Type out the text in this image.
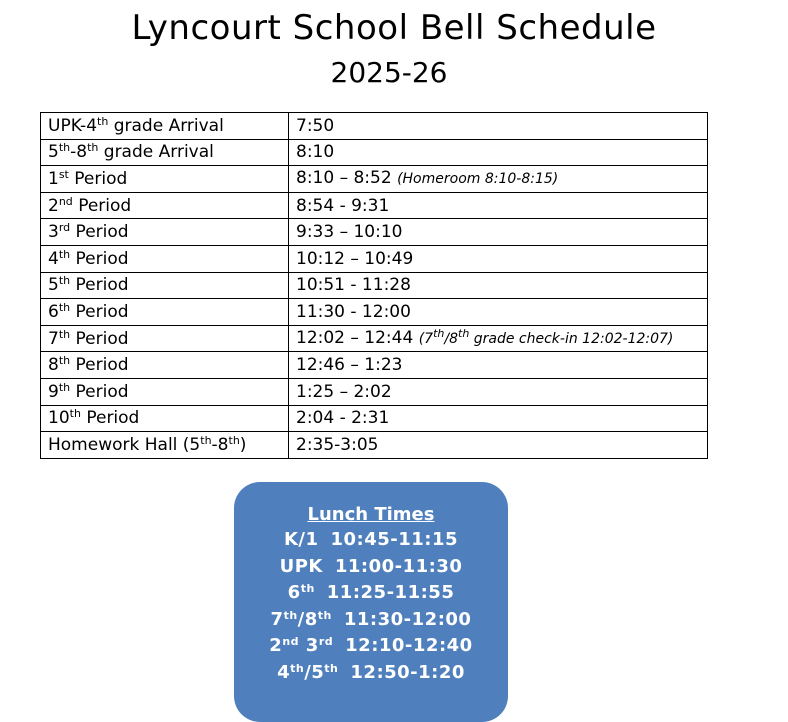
Lyncourt School Bell Schedule
2025-26
UPK-4th grade Arrival	7:50
5th-8th grade Arrival	8:10
1st Period	8:10 – 8:52 (Homeroom 8:10-8:15)
2nd Period	8:54 - 9:31
3rd Period	9:33 – 10:10
4th Period	10:12 – 10:49
5th Period	10:51 - 11:28
6th Period	11:30 - 12:00
7th Period	12:02 – 12:44 (7th/8th grade check-in 12:02-12:07)
8th Period	12:46 – 1:23
9th Period	1:25 – 2:02
10th Period	2:04 - 2:31
Homework Hall (5th-8th)	2:35-3:05
Lunch Times
K/1 10:45-11:15
UPK 11:00-11:30
6th 11:25-11:55
7th/8th 11:30-12:00
2nd 3rd 12:10-12:40
4th/5th 12:50-1:20
